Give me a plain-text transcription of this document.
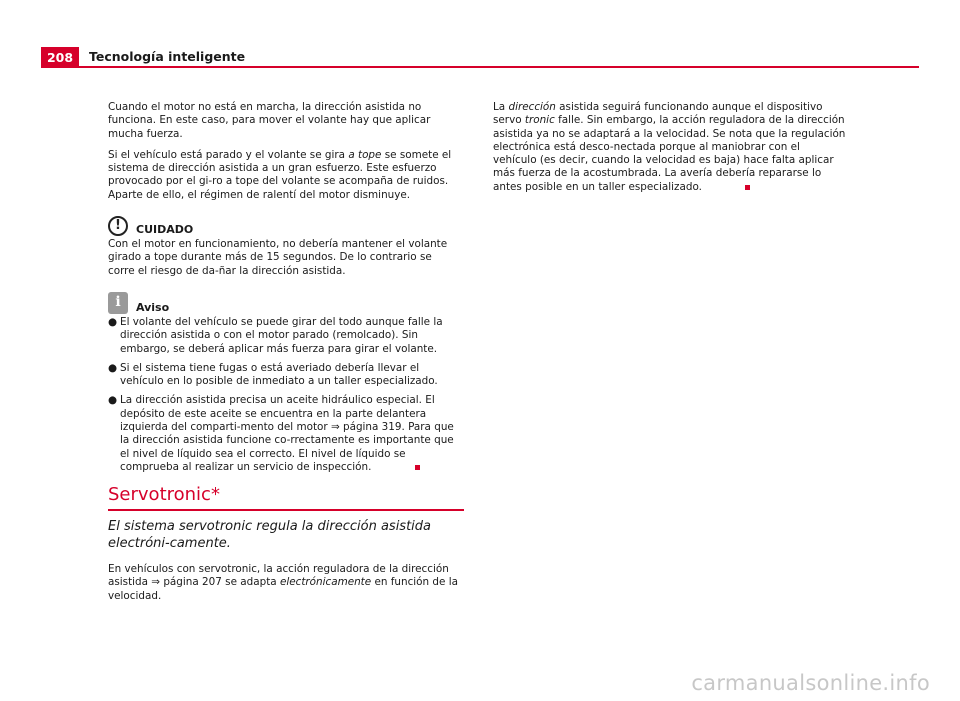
208	Tecnología inteligente

Cuando el motor no está en marcha, la dirección asistida no funciona. En este caso, para mover el volante hay que aplicar mucha fuerza.

Si el vehículo está parado y el volante se gira a tope se somete el sistema de dirección asistida a un gran esfuerzo. Este esfuerzo provocado por el gi-ro a tope del volante se acompaña de ruidos. Aparte de ello, el régimen de ralentí del motor disminuye.

!	CUIDADO

Con el motor en funcionamiento, no debería mantener el volante girado a tope durante más de 15 segundos. De lo contrario se corre el riesgo de da-ñar la dirección asistida.

i	Aviso
● El volante del vehículo se puede girar del todo aunque falle la dirección asistida o con el motor parado (remolcado). Sin embargo, se deberá aplicar más fuerza para girar el volante.
● Si el sistema tiene fugas o está averiado debería llevar el vehículo en lo posible de inmediato a un taller especializado.
● La dirección asistida precisa un aceite hidráulico especial. El depósito de este aceite se encuentra en la parte delantera izquierda del comparti-mento del motor ⇒ página 319. Para que la dirección asistida funcione co-rrectamente es importante que el nivel de líquido sea el correcto. El nivel de líquido se comprueba al realizar un servicio de inspección.
Servotronic*
El sistema servotronic regula la dirección asistida electróni-camente.
En vehículos con servotronic, la acción reguladora de la dirección asistida ⇒ página 207 se adapta electrónicamente en función de la velocidad.

La dirección asistida seguirá funcionando aunque el dispositivo servo tronic falle. Sin embargo, la acción reguladora de la dirección asistida ya no se adaptará a la velocidad. Se nota que la regulación electrónica está desco-nectada porque al maniobrar con el vehículo (es decir, cuando la velocidad es baja) hace falta aplicar más fuerza de la acostumbrada. La avería debería repararse lo antes posible en un taller especializado.

carmanualsonline.info
